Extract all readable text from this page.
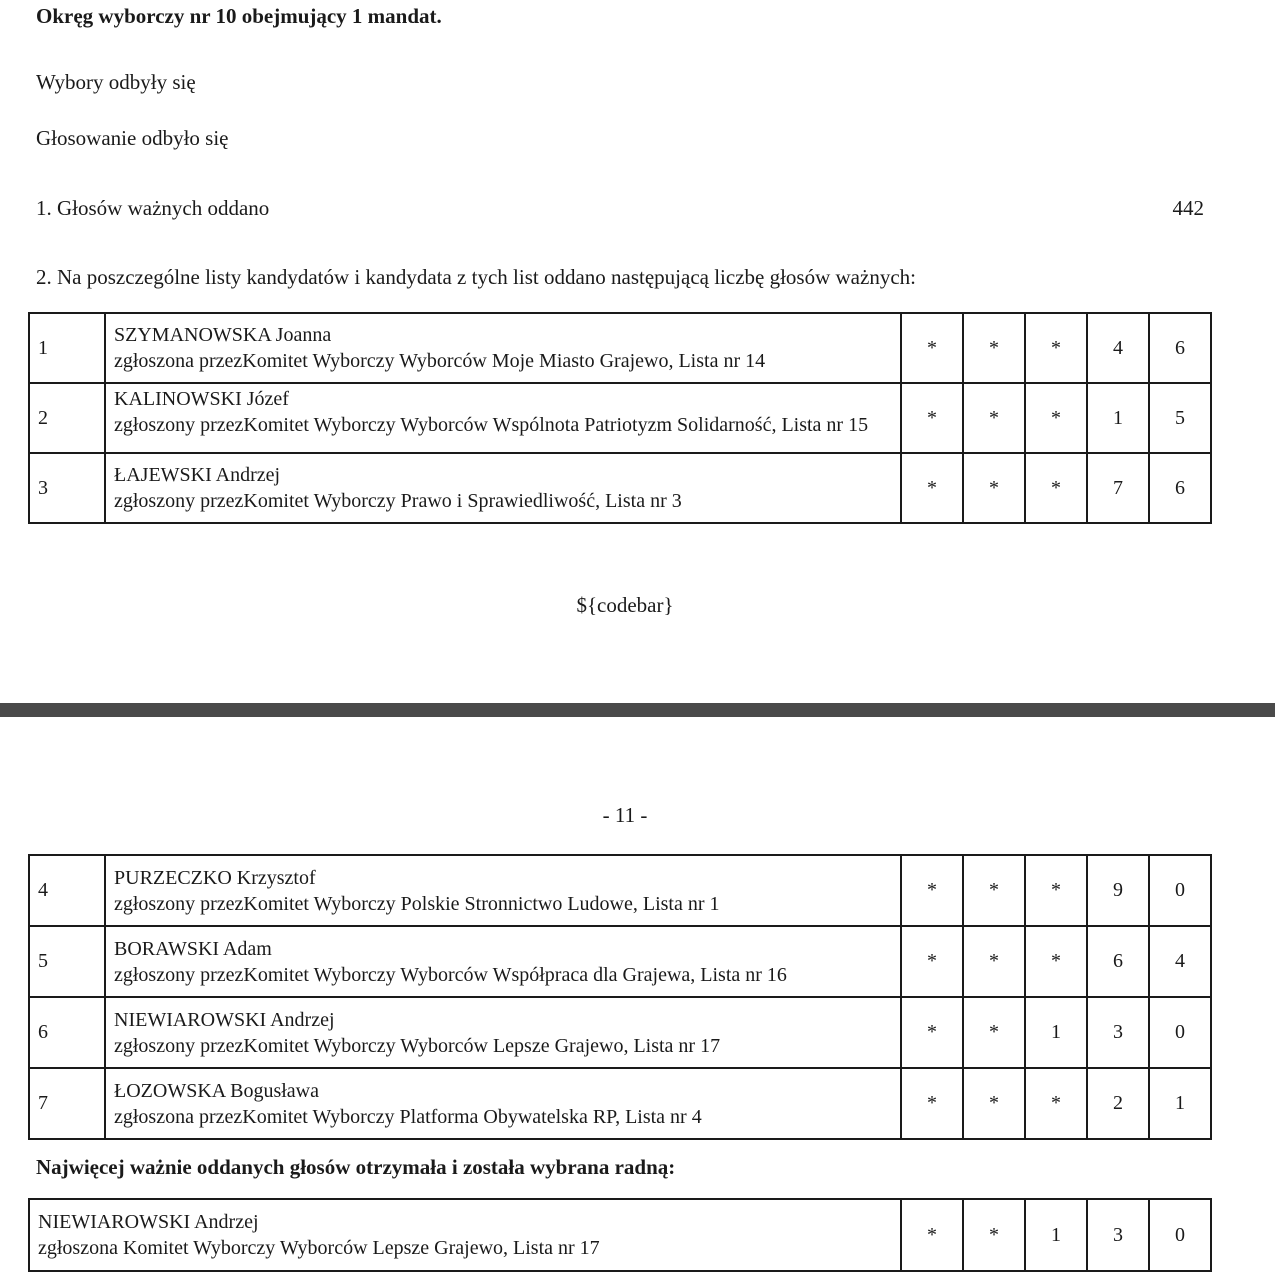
Okręg wyborczy nr 10 obejmujący 1 mandat.
Wybory odbyły się
Głosowanie odbyło się
1. Głosów ważnych oddano	442
2. Na poszczególne listy kandydatów i kandydata z tych list oddano następującą liczbę głosów ważnych:
1	SZYMANOWSKA Joanna
zgłoszona przezKomitet Wyborczy Wyborców Moje Miasto Grajewo, Lista nr 14	*	*	*	4	6
2	KALINOWSKI Józef
zgłoszony przezKomitet Wyborczy Wyborców Wspólnota Patriotyzm Solidarność, Lista nr 15	*	*	*	1	5
3	ŁAJEWSKI Andrzej
zgłoszony przezKomitet Wyborczy Prawo i Sprawiedliwość, Lista nr 3	*	*	*	7	6
${codebar}
- 11 -
4	PURZECZKO Krzysztof
zgłoszony przezKomitet Wyborczy Polskie Stronnictwo Ludowe, Lista nr 1	*	*	*	9	0
5	BORAWSKI Adam
zgłoszony przezKomitet Wyborczy Wyborców Współpraca dla Grajewa, Lista nr 16	*	*	*	6	4
6	NIEWIAROWSKI Andrzej
zgłoszony przezKomitet Wyborczy Wyborców Lepsze Grajewo, Lista nr 17	*	*	1	3	0
7	ŁOZOWSKA Bogusława
zgłoszona przezKomitet Wyborczy Platforma Obywatelska RP, Lista nr 4	*	*	*	2	1
Najwięcej ważnie oddanych głosów otrzymała i została wybrana radną:
NIEWIAROWSKI Andrzej
zgłoszona Komitet Wyborczy Wyborców Lepsze Grajewo, Lista nr 17
	*	*	1	3	0
